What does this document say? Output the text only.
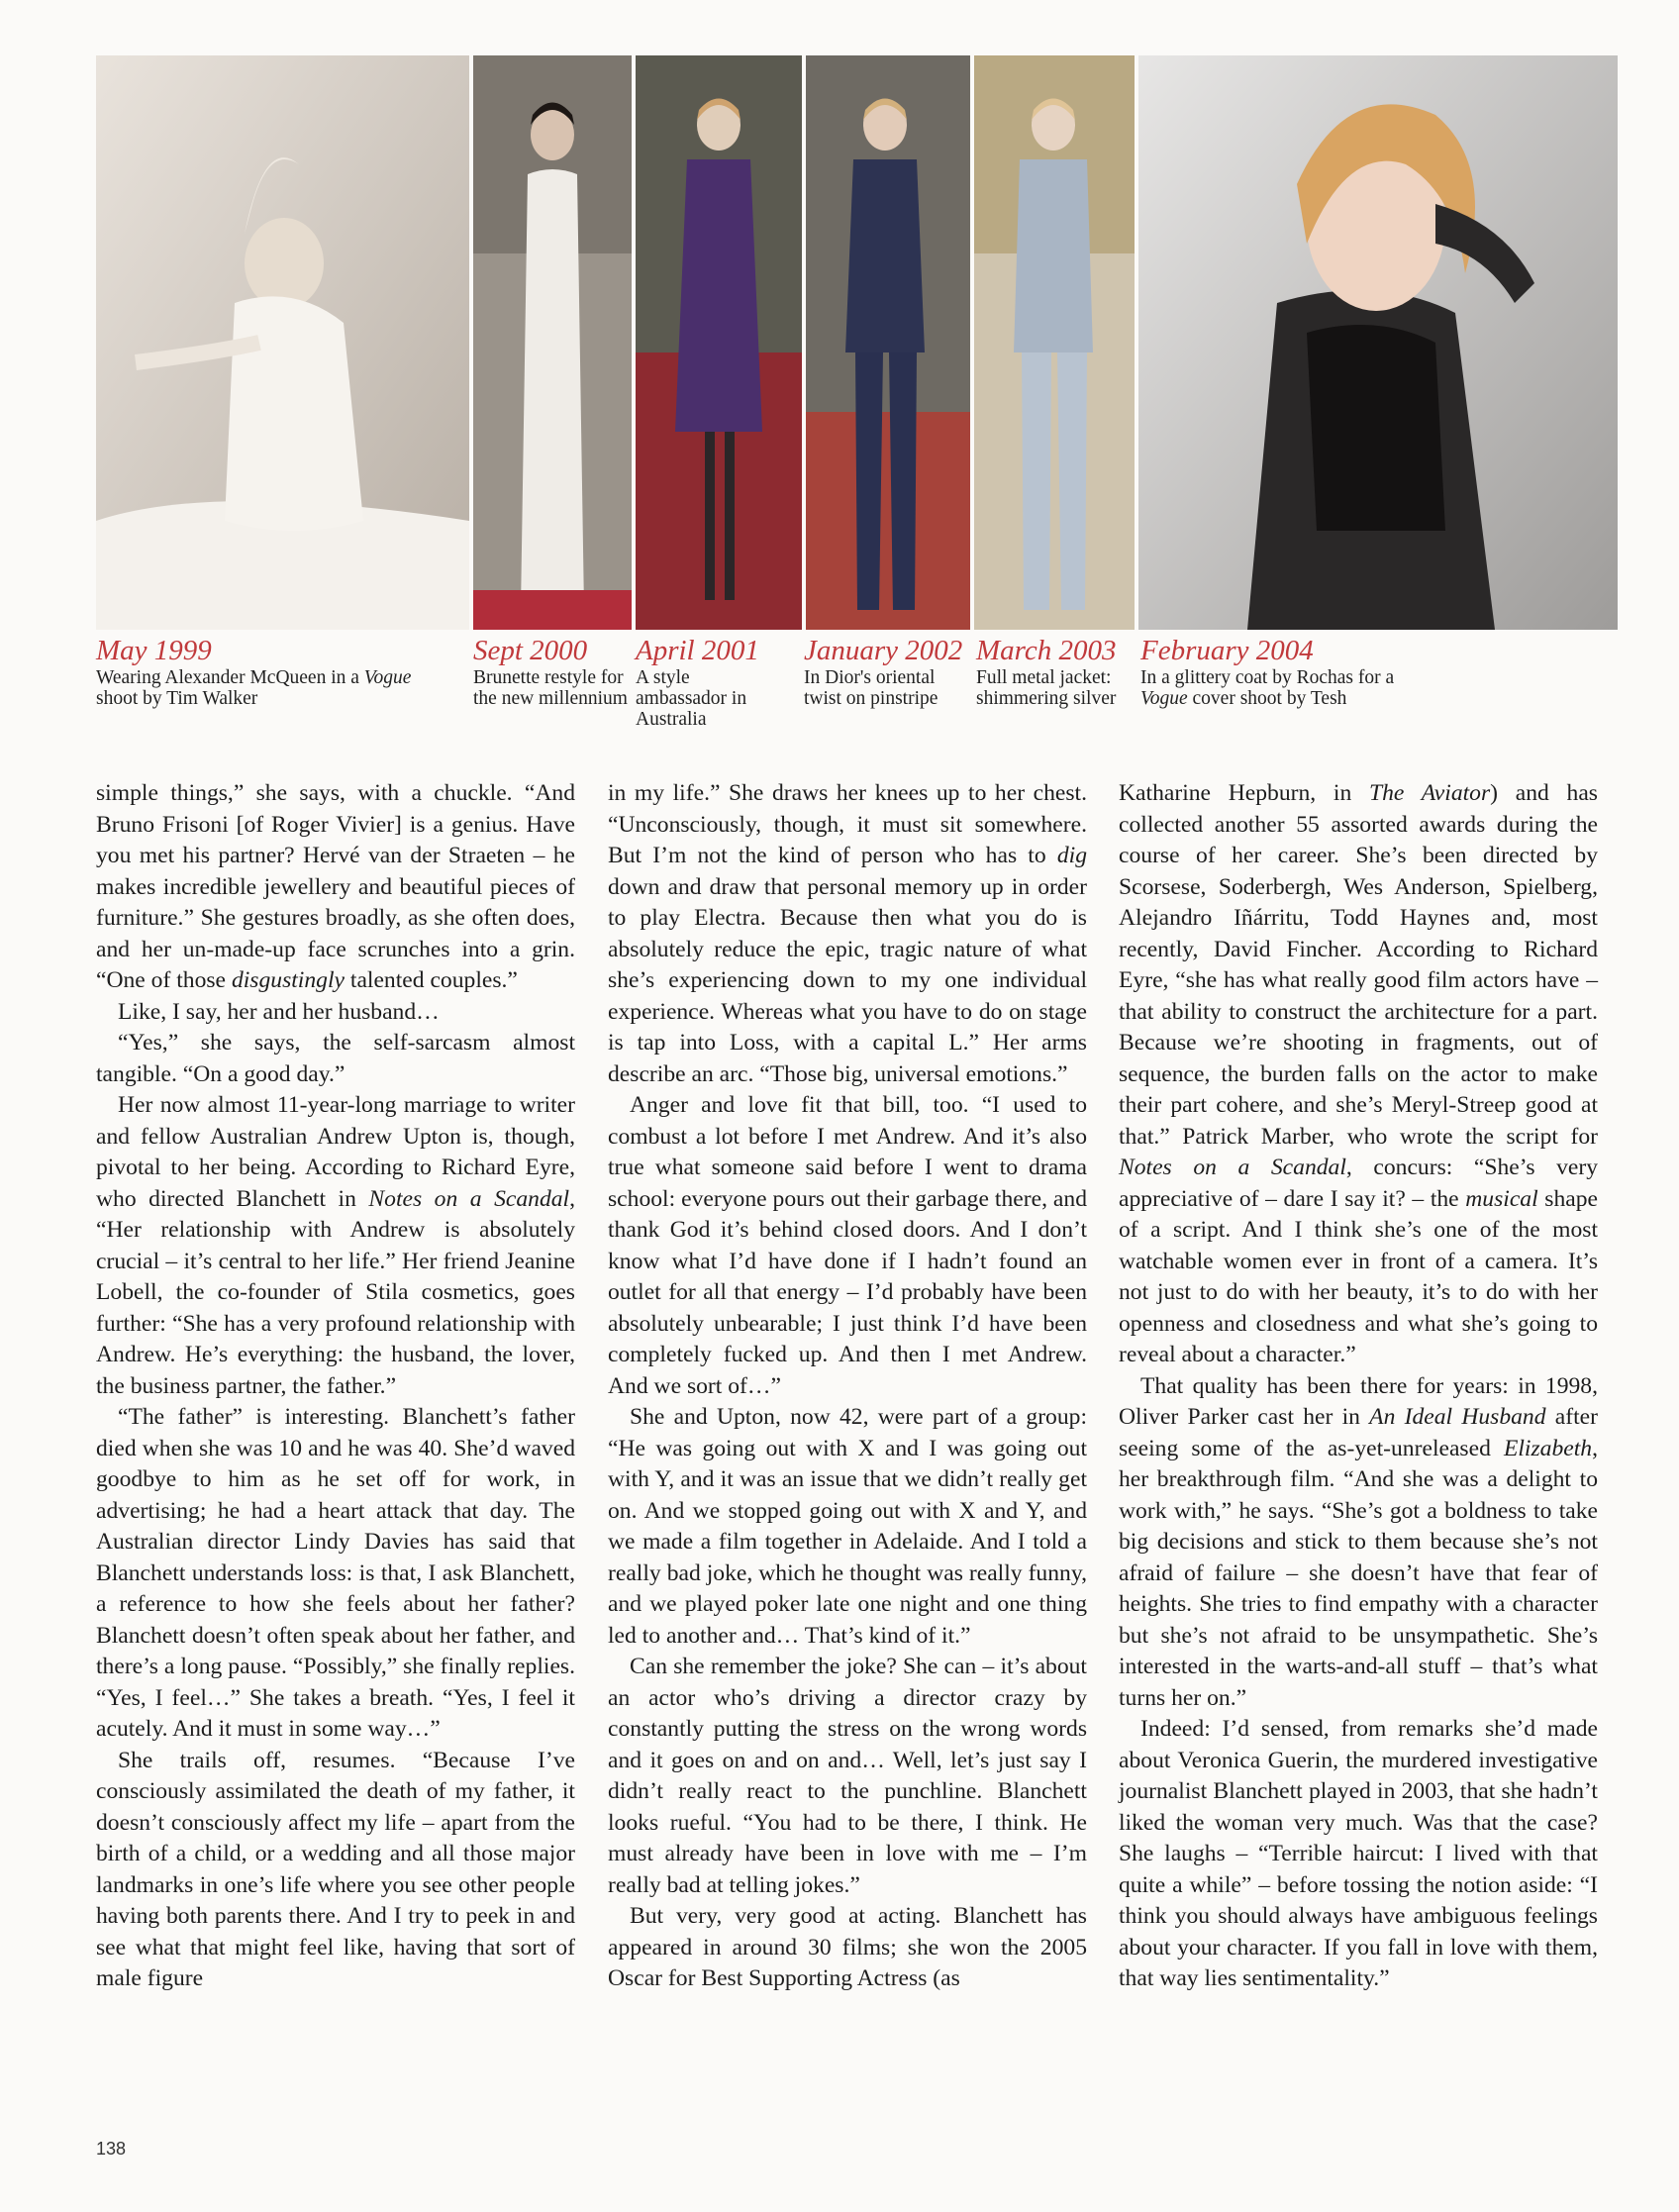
May 1999
Wearing Alexander McQueen in a Vogue shoot by Tim Walker
Sept 2000
Brunette restyle for the new millennium
April 2001
A style ambassador in Australia
January 2002
In Dior's oriental twist on pinstripe
March 2003
Full metal jacket: shimmering silver
February 2004
In a glittery coat by Rochas for a Vogue cover shoot by Tesh

simple things,” she says, with a chuckle. “And Bruno Frisoni [of Roger Vivier] is a genius. Have you met his partner? Hervé van der Straeten – he makes incredible jewellery and beautiful pieces of furniture.” She gestures broadly, as she often does, and her un-made-up face scrunches into a grin. “One of those disgustingly talented couples.”

Like, I say, her and her husband…

“Yes,” she says, the self-sarcasm almost tangible. “On a good day.”

Her now almost 11-year-long marriage to writer and fellow Australian Andrew Upton is, though, pivotal to her being. According to Richard Eyre, who directed Blanchett in Notes on a Scandal, “Her relationship with Andrew is absolutely crucial – it’s central to her life.” Her friend Jeanine Lobell, the co-founder of Stila cosmetics, goes further: “She has a very profound relationship with Andrew. He’s everything: the husband, the lover, the business partner, the father.”

“The father” is interesting. Blanchett’s father died when she was 10 and he was 40. She’d waved goodbye to him as he set off for work, in advertising; he had a heart attack that day. The Australian director Lindy Davies has said that Blanchett understands loss: is that, I ask Blanchett, a reference to how she feels about her father? Blanchett doesn’t often speak about her father, and there’s a long pause. “Possibly,” she finally replies. “Yes, I feel…” She takes a breath. “Yes, I feel it acutely. And it must in some way…”

She trails off, resumes. “Because I’ve consciously assimilated the death of my father, it doesn’t consciously affect my life – apart from the birth of a child, or a wedding and all those major landmarks in one’s life where you see other people having both parents there. And I try to peek in and see what that might feel like, having that sort of male figure

in my life.” She draws her knees up to her chest. “Unconsciously, though, it must sit somewhere. But I’m not the kind of person who has to dig down and draw that personal memory up in order to play Electra. Because then what you do is absolutely reduce the epic, tragic nature of what she’s experiencing down to my one individual experience. Whereas what you have to do on stage is tap into Loss, with a capital L.” Her arms describe an arc. “Those big, universal emotions.”

Anger and love fit that bill, too. “I used to combust a lot before I met Andrew. And it’s also true what someone said before I went to drama school: everyone pours out their garbage there, and thank God it’s behind closed doors. And I don’t know what I’d have done if I hadn’t found an outlet for all that energy – I’d probably have been absolutely unbearable; I just think I’d have been completely fucked up. And then I met Andrew. And we sort of…”

She and Upton, now 42, were part of a group: “He was going out with X and I was going out with Y, and it was an issue that we didn’t really get on. And we stopped going out with X and Y, and we made a film together in Adelaide. And I told a really bad joke, which he thought was really funny, and we played poker late one night and one thing led to another and… That’s kind of it.”

Can she remember the joke? She can – it’s about an actor who’s driving a director crazy by constantly putting the stress on the wrong words and it goes on and on and… Well, let’s just say I didn’t really react to the punchline. Blanchett looks rueful. “You had to be there, I think. He must already have been in love with me – I’m really bad at telling jokes.”

But very, very good at acting. Blanchett has appeared in around 30 films; she won the 2005 Oscar for Best Supporting Actress (as

Katharine Hepburn, in The Aviator) and has collected another 55 assorted awards during the course of her career. She’s been directed by Scorsese, Soderbergh, Wes Anderson, Spielberg, Alejandro Iñárritu, Todd Haynes and, most recently, David Fincher. According to Richard Eyre, “she has what really good film actors have – that ability to construct the architecture for a part. Because we’re shooting in fragments, out of sequence, the burden falls on the actor to make their part cohere, and she’s Meryl-Streep good at that.” Patrick Marber, who wrote the script for Notes on a Scandal, concurs: “She’s very appreciative of – dare I say it? – the musical shape of a script. And I think she’s one of the most watchable women ever in front of a camera. It’s not just to do with her beauty, it’s to do with her openness and closedness and what she’s going to reveal about a character.”

That quality has been there for years: in 1998, Oliver Parker cast her in An Ideal Husband after seeing some of the as-yet-unreleased Elizabeth, her breakthrough film. “And she was a delight to work with,” he says. “She’s got a boldness to take big decisions and stick to them because she’s not afraid of failure – she doesn’t have that fear of heights. She tries to find empathy with a character but she’s not afraid to be unsympathetic. She’s interested in the warts-and-all stuff – that’s what turns her on.”

Indeed: I’d sensed, from remarks she’d made about Veronica Guerin, the murdered investigative journalist Blanchett played in 2003, that she hadn’t liked the woman very much. Was that the case? She laughs – “Terrible haircut: I lived with that quite a while” – before tossing the notion aside: “I think you should always have ambiguous feelings about your character. If you fall in love with them, that way lies sentimentality.”

138
